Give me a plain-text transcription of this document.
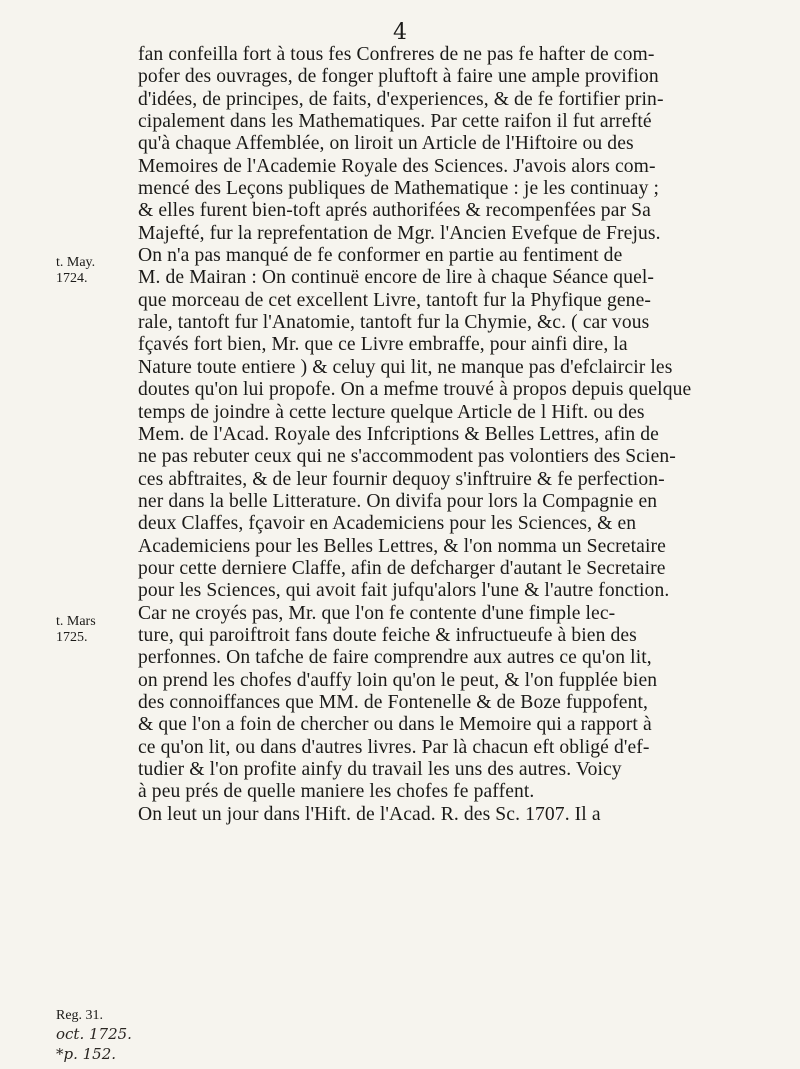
4
fan confeilla fort à tous fes Confreres de ne pas fe hafter de com-
pofer des ouvrages, de fonger pluftoft à faire une ample provifion
d'idées, de principes, de faits, d'experiences, & de fe fortifier prin-
cipalement dans les Mathematiques. Par cette raifon il fut arrefté
qu'à chaque Affemblée, on liroit un Article de l'Hiftoire ou des
Memoires de l'Academie Royale des Sciences. J'avois alors com-
mencé des Leçons publiques de Mathematique : je les continuay ;
& elles furent bien-toft aprés authorifées & recompenfées par Sa
Majefté, fur la reprefentation de Mgr. l'Ancien Evefque de Frejus.
On n'a pas manqué de fe conformer en partie au fentiment de
M. de Mairan : On continuë encore de lire à chaque Séance quel-
que morceau de cet excellent Livre, tantoft fur la Phyfique gene-
rale, tantoft fur l'Anatomie, tantoft fur la Chymie, &c. ( car vous
fçavés fort bien, Mr. que ce Livre embraffe, pour ainfi dire, la
Nature toute entiere ) & celuy qui lit, ne manque pas d'efclaircir les
doutes qu'on lui propofe. On a mefme trouvé à propos depuis quelque
temps de joindre à cette lecture quelque Article de l Hift. ou des
Mem. de l'Acad. Royale des Infcriptions & Belles Lettres, afin de
ne pas rebuter ceux qui ne s'accommodent pas volontiers des Scien-
ces abftraites, & de leur fournir dequoy s'inftruire & fe perfection-
ner dans la belle Litterature. On divifa pour lors la Compagnie en
deux Claffes, fçavoir en Academiciens pour les Sciences, & en
Academiciens pour les Belles Lettres, & l'on nomma un Secretaire
pour cette derniere Claffe, afin de defcharger d'autant le Secretaire
pour les Sciences, qui avoit fait jufqu'alors l'une & l'autre fonction.
Car ne croyés pas, Mr. que l'on fe contente d'une fimple lec-
ture, qui paroiftroit fans doute feiche & infructueufe à bien des
perfonnes. On tafche de faire comprendre aux autres ce qu'on lit,
on prend les chofes d'auffy loin qu'on le peut, & l'on fupplée bien
des connoiffances que MM. de Fontenelle & de Boze fuppofent,
& que l'on a foin de chercher ou dans le Memoire qui a rapport à
ce qu'on lit, ou dans d'autres livres. Par là chacun eft obligé d'ef-
tudier & l'on profite ainfy du travail les uns des autres. Voicy
à peu prés de quelle maniere les chofes fe paffent.
On leut un jour dans l'Hift. de l'Acad. R. des Sc. 1707. Il a
t. May.
1724.
t. Mars
1725.
Reg. 31.
oct. 1725.
*p. 152.
